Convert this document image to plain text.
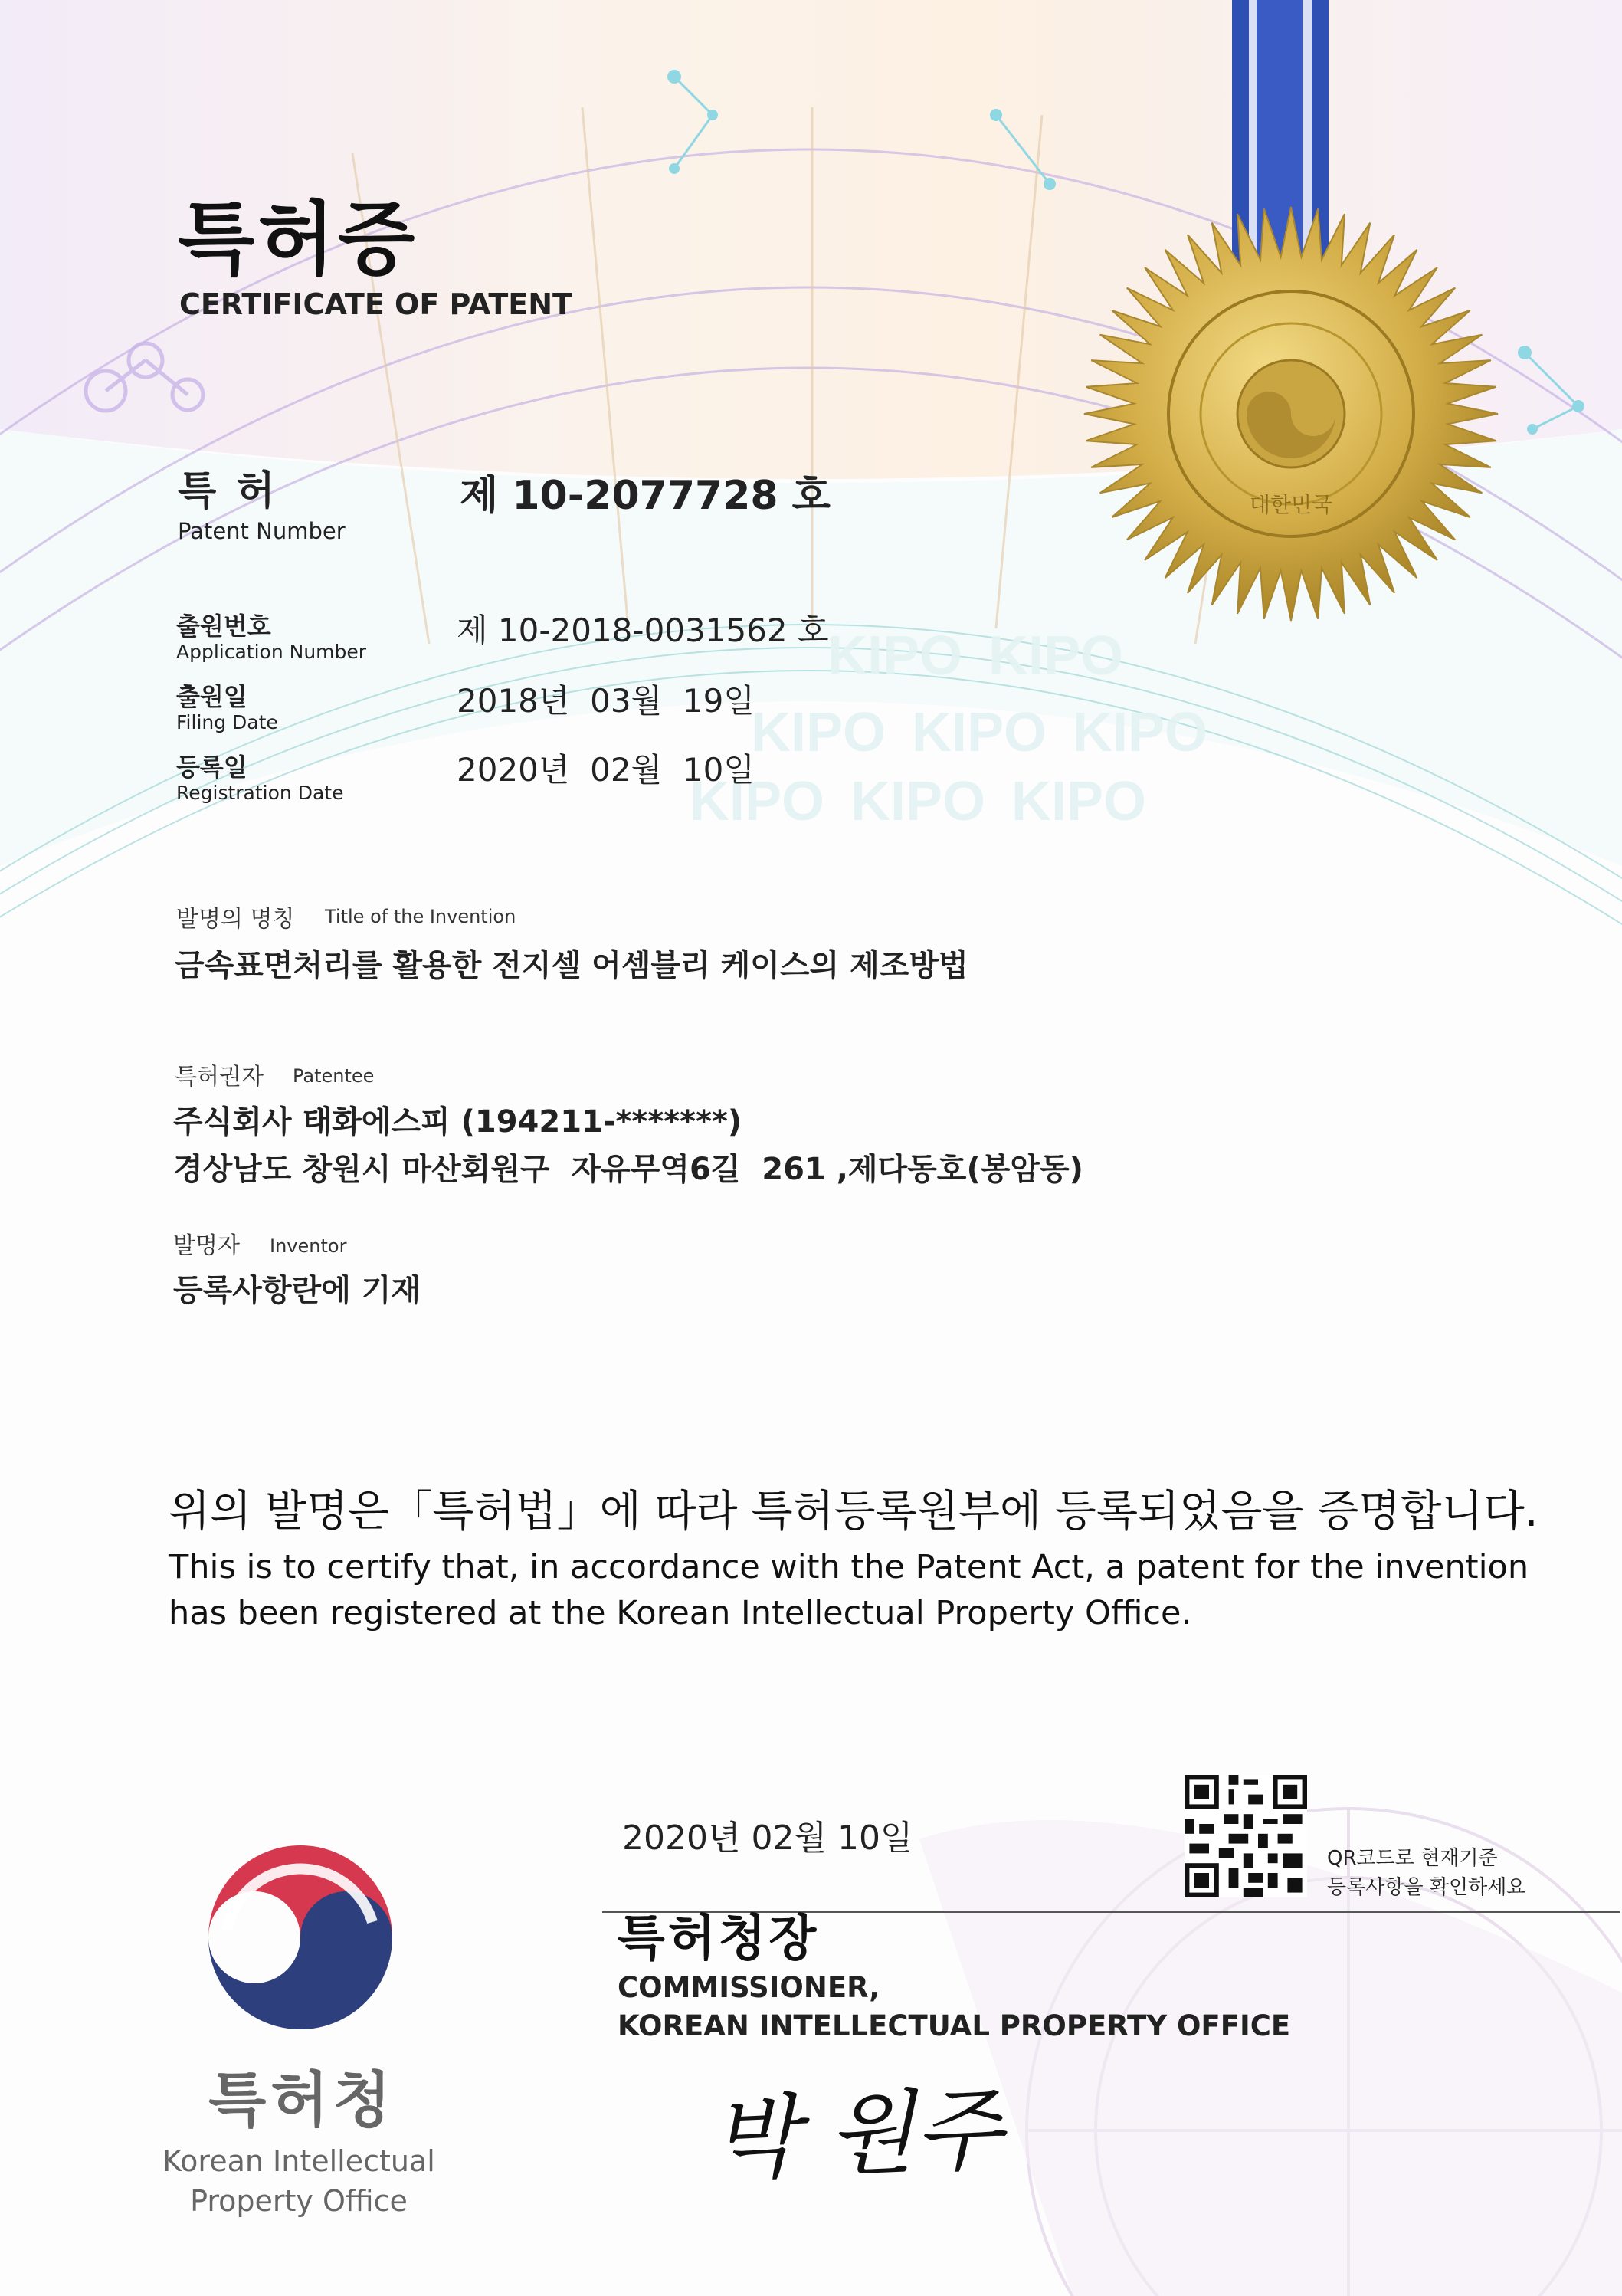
KIPO KIPO
KIPO KIPO KIPO
KIPO KIPO KIPO
대한민국
특허증
CERTIFICATE OF PATENT
특 허
Patent Number
제 10-2077728 호
출원번호
Application Number
제 10-2018-0031562 호
출원일
Filing Date
2018년  03월  19일
등록일
Registration Date
2020년  02월  10일
발명의 명칭 Title of the Invention
금속표면처리를 활용한 전지셀 어셈블리 케이스의 제조방법
특허권자 Patentee
주식회사 태화에스피 (194211-*******)
경상남도 창원시 마산회원구  자유무역6길  261 ,제다동호(봉암동)
발명자 Inventor
등록사항란에 기재
위의 발명은「특허법」에 따라 특허등록원부에 등록되었음을 증명합니다.
This is to certify that, in accordance with the Patent Act, a patent for the invention
has been registered at the Korean Intellectual Property Office.
2020년 02월 10일
QR코드로 현재기준
등록사항을 확인하세요
특허청장
COMMISSIONER,
KOREAN INTELLECTUAL PROPERTY OFFICE
박 원주
특허청
Korean Intellectual
Property Office
